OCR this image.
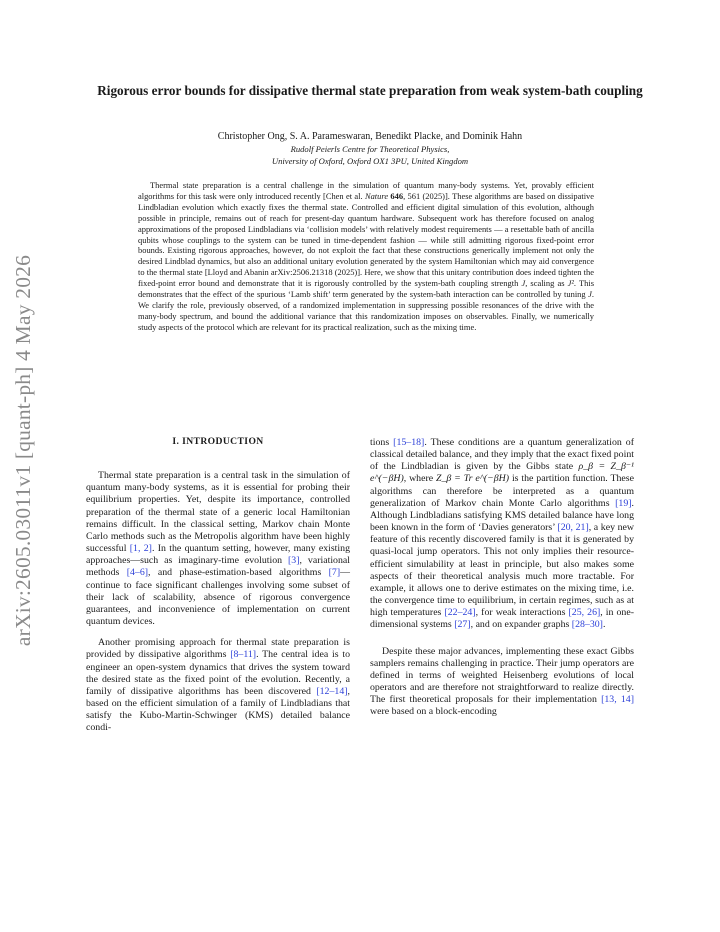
arXiv:2605.03011v1 [quant-ph] 4 May 2026
Rigorous error bounds for dissipative thermal state preparation from weak system-bath coupling
Christopher Ong, S. A. Parameswaran, Benedikt Placke, and Dominik Hahn
Rudolf Peierls Centre for Theoretical Physics,
University of Oxford, Oxford OX1 3PU, United Kingdom

Thermal state preparation is a central challenge in the simulation of quantum many-body systems. Yet, provably efficient algorithms for this task were only introduced recently [Chen et al. Nature 646, 561 (2025)]. These algorithms are based on dissipative Lindbladian evolution which exactly fixes the thermal state. Controlled and efficient digital simulation of this evolution, although possible in principle, remains out of reach for present-day quantum hardware. Subsequent work has therefore focused on analog approximations of the proposed Lindbladians via ‘collision models’ with relatively modest requirements — a resettable bath of ancilla qubits whose couplings to the system can be tuned in time-dependent fashion — while still admitting rigorous fixed-point error bounds. Existing rigorous approaches, however, do not exploit the fact that these constructions generically implement not only the desired Lindblad dynamics, but also an additional unitary evolution generated by the system Hamiltonian which may aid convergence to the thermal state [Lloyd and Abanin arXiv:2506.21318 (2025)]. Here, we show that this unitary contribution does indeed tighten the fixed-point error bound and demonstrate that it is rigorously controlled by the system-bath coupling strength J, scaling as J². This demonstrates that the effect of the spurious ‘Lamb shift’ term generated by the system-bath interaction can be controlled by tuning J. We clarify the role, previously observed, of a randomized implementation in suppressing possible resonances of the drive with the many-body spectrum, and bound the additional variance that this randomization imposes on observables. Finally, we numerically study aspects of the protocol which are relevant for its practical realization, such as the mixing time.

I. INTRODUCTION

Thermal state preparation is a central task in the simulation of quantum many-body systems, as it is essential for probing their equilibrium properties. Yet, despite its importance, controlled preparation of the thermal state of a generic local Hamiltonian remains difficult. In the classical setting, Markov chain Monte Carlo methods such as the Metropolis algorithm have been highly successful [1, 2]. In the quantum setting, however, many existing approaches—such as imaginary-time evolution [3], variational methods [4–6], and phase-estimation-based algorithms [7]—continue to face significant challenges involving some subset of their lack of scalability, absence of rigorous convergence guarantees, and inconvenience of implementation on current quantum devices.

Another promising approach for thermal state preparation is provided by dissipative algorithms [8–11]. The central idea is to engineer an open-system dynamics that drives the system toward the desired state as the fixed point of the evolution. Recently, a family of dissipative algorithms has been discovered [12–14], based on the efficient simulation of a family of Lindbladians that satisfy the Kubo-Martin-Schwinger (KMS) detailed balance condi-

tions [15–18]. These conditions are a quantum generalization of classical detailed balance, and they imply that the exact fixed point of the Lindbladian is given by the Gibbs state ρ_β = Z_β⁻¹ e^(−βH), where Z_β = Tr e^(−βH) is the partition function. These algorithms can therefore be interpreted as a quantum generalization of Markov chain Monte Carlo algorithms [19]. Although Lindbladians satisfying KMS detailed balance have long been known in the form of ‘Davies generators’ [20, 21], a key new feature of this recently discovered family is that it is generated by quasi-local jump operators. This not only implies their resource-efficient simulability at least in principle, but also makes some aspects of their theoretical analysis much more tractable. For example, it allows one to derive estimates on the mixing time, i.e. the convergence time to equilibrium, in certain regimes, such as at high temperatures [22–24], for weak interactions [25, 26], in one-dimensional systems [27], and on expander graphs [28–30].

Despite these major advances, implementing these exact Gibbs samplers remains challenging in practice. Their jump operators are defined in terms of weighted Heisenberg evolutions of local operators and are therefore not straightforward to realize directly. The first theoretical proposals for their implementation [13, 14] were based on a block-encoding
